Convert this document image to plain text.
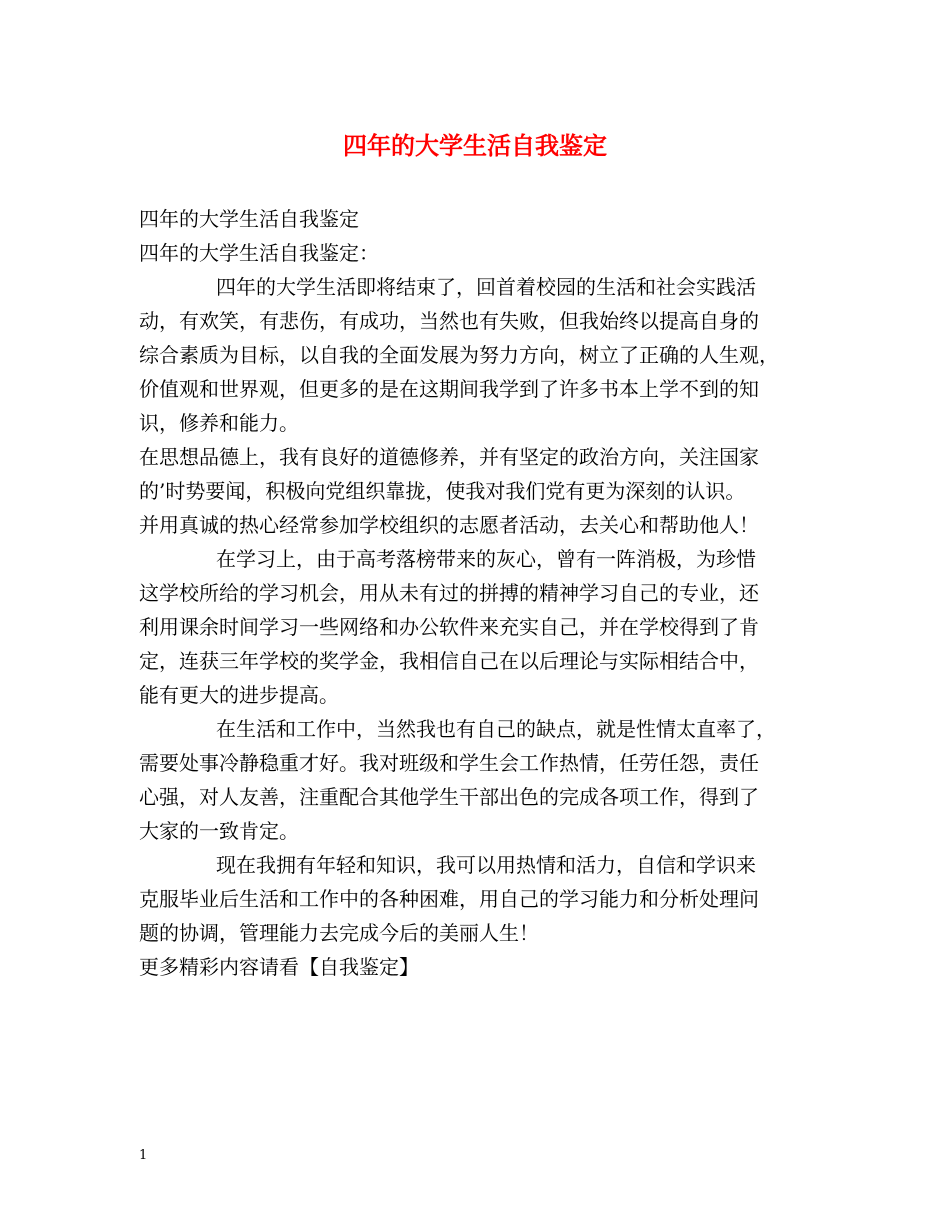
四年的大学生活自我鉴定
四年的大学生活自我鉴定
四年的大学生活自我鉴定：
四年的大学生活即将结束了，回首着校园的生活和社会实践活
动，有欢笑，有悲伤，有成功，当然也有失败，但我始终以提高自身的
综合素质为目标，以自我的全面发展为努力方向，树立了正确的人生观，
价值观和世界观，但更多的是在这期间我学到了许多书本上学不到的知
识，修养和能力。
在思想品德上，我有良好的道德修养，并有坚定的政治方向，关注国家
的’时势要闻，积极向党组织靠拢，使我对我们党有更为深刻的认识。
并用真诚的热心经常参加学校组织的志愿者活动，去关心和帮助他人！
在学习上，由于高考落榜带来的灰心，曾有一阵消极，为珍惜
这学校所给的学习机会，用从未有过的拼搏的精神学习自己的专业，还
利用课余时间学习一些网络和办公软件来充实自己，并在学校得到了肯
定，连获三年学校的奖学金，我相信自己在以后理论与实际相结合中，
能有更大的进步提高。
在生活和工作中，当然我也有自己的缺点，就是性情太直率了，
需要处事冷静稳重才好。我对班级和学生会工作热情，任劳任怨，责任
心强，对人友善，注重配合其他学生干部出色的完成各项工作，得到了
大家的一致肯定。
现在我拥有年轻和知识，我可以用热情和活力，自信和学识来
克服毕业后生活和工作中的各种困难，用自己的学习能力和分析处理问
题的协调，管理能力去完成今后的美丽人生！
更多精彩内容请看【自我鉴定】
1
